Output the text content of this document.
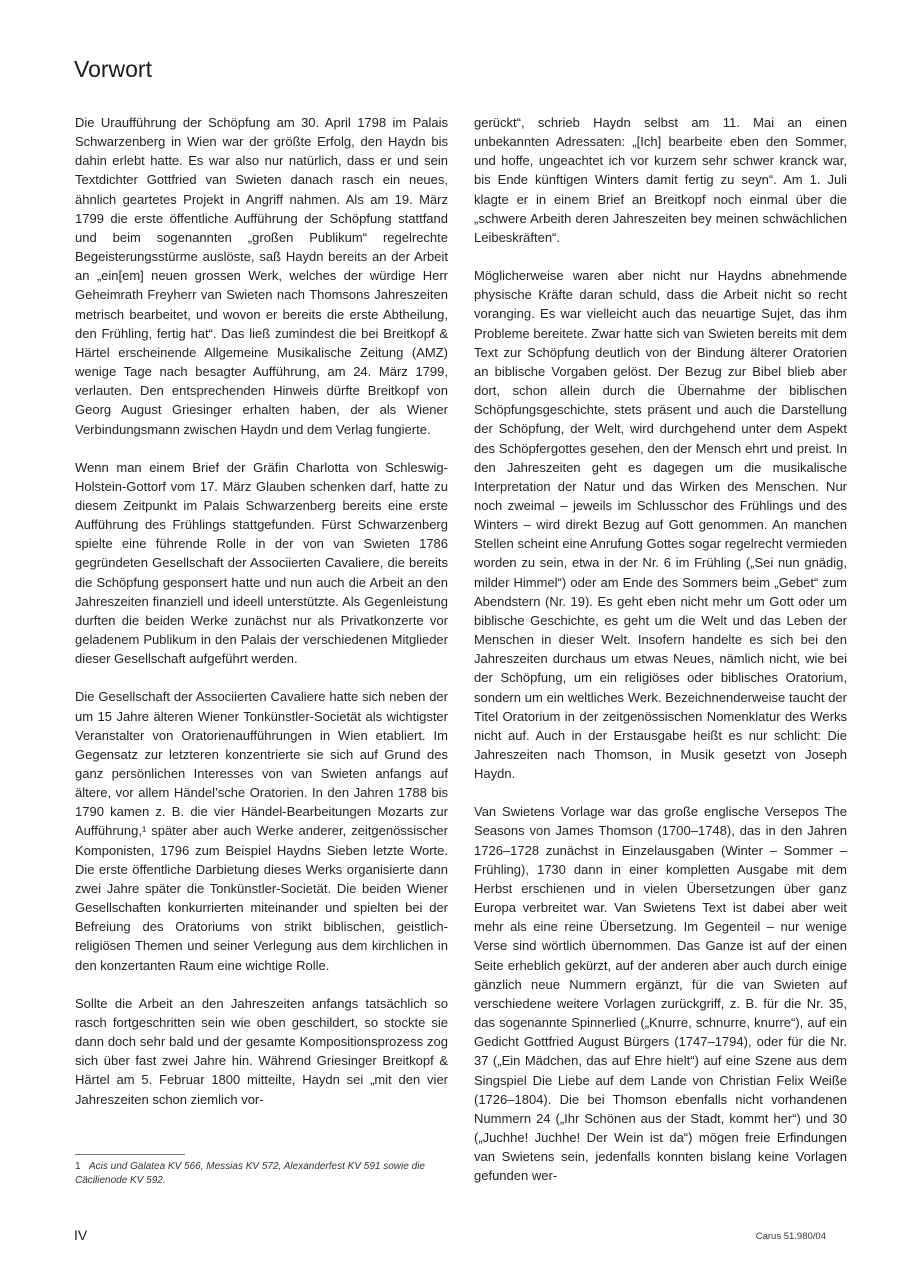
Vorwort

Die Uraufführung der Schöpfung am 30. April 1798 im Palais Schwarzenberg in Wien war der größte Erfolg, den Haydn bis dahin erlebt hatte. Es war also nur natürlich, dass er und sein Textdichter Gottfried van Swieten danach rasch ein neues, ähnlich geartetes Projekt in Angriff nahmen. Als am 19. März 1799 die erste öffentliche Aufführung der Schöpfung stattfand und beim sogenannten „großen Publikum“ regelrechte Begeisterungsstürme auslöste, saß Haydn bereits an der Arbeit an „ein[em] neuen grossen Werk, welches der würdige Herr Geheimrath Freyherr van Swieten nach Thomsons Jahreszeiten metrisch bearbeitet, und wovon er bereits die erste Abtheilung, den Frühling, fertig hat“. Das ließ zumindest die bei Breitkopf & Härtel erscheinende Allgemeine Musikalische Zeitung (AMZ) wenige Tage nach besagter Aufführung, am 24. März 1799, verlauten. Den entsprechenden Hinweis dürfte Breitkopf von Georg August Griesinger erhalten haben, der als Wiener Verbindungsmann zwischen Haydn und dem Verlag fungierte.

Wenn man einem Brief der Gräfin Charlotta von Schleswig-Holstein-Gottorf vom 17. März Glauben schenken darf, hatte zu diesem Zeitpunkt im Palais Schwarzenberg bereits eine erste Aufführung des Frühlings stattgefunden. Fürst Schwarzenberg spielte eine führende Rolle in der von van Swieten 1786 gegründeten Gesellschaft der Associierten Cavaliere, die bereits die Schöpfung gesponsert hatte und nun auch die Arbeit an den Jahreszeiten finanziell und ideell unterstützte. Als Gegenleistung durften die beiden Werke zunächst nur als Privatkonzerte vor geladenem Publikum in den Palais der verschiedenen Mitglieder dieser Gesellschaft aufgeführt werden.

Die Gesellschaft der Associierten Cavaliere hatte sich neben der um 15 Jahre älteren Wiener Tonkünstler-Societät als wichtigster Veranstalter von Oratorienaufführungen in Wien etabliert. Im Gegensatz zur letzteren konzentrierte sie sich auf Grund des ganz persönlichen Interesses von van Swieten anfangs auf ältere, vor allem Händel’sche Oratorien. In den Jahren 1788 bis 1790 kamen z. B. die vier Händel-Bearbeitungen Mozarts zur Aufführung,¹ später aber auch Werke anderer, zeitgenössischer Komponisten, 1796 zum Beispiel Haydns Sieben letzte Worte. Die erste öffentliche Darbietung dieses Werks organisierte dann zwei Jahre später die Tonkünstler-Societät. Die beiden Wiener Gesellschaften konkurrierten miteinander und spielten bei der Befreiung des Oratoriums von strikt biblischen, geistlich-religiösen Themen und seiner Verlegung aus dem kirchlichen in den konzertanten Raum eine wichtige Rolle.

Sollte die Arbeit an den Jahreszeiten anfangs tatsächlich so rasch fortgeschritten sein wie oben geschildert, so stockte sie dann doch sehr bald und der gesamte Kompositionsprozess zog sich über fast zwei Jahre hin. Während Griesinger Breitkopf & Härtel am 5. Februar 1800 mitteilte, Haydn sei „mit den vier Jahreszeiten schon ziemlich vor-

gerückt“, schrieb Haydn selbst am 11. Mai an einen unbekannten Adressaten: „[Ich] bearbeite eben den Sommer, und hoffe, ungeachtet ich vor kurzem sehr schwer kranck war, bis Ende künftigen Winters damit fertig zu seyn“. Am 1. Juli klagte er in einem Brief an Breitkopf noch einmal über die „schwere Arbeith deren Jahreszeiten bey meinen schwächlichen Leibeskräften“.

Möglicherweise waren aber nicht nur Haydns abnehmende physische Kräfte daran schuld, dass die Arbeit nicht so recht voranging. Es war vielleicht auch das neuartige Sujet, das ihm Probleme bereitete. Zwar hatte sich van Swieten bereits mit dem Text zur Schöpfung deutlich von der Bindung älterer Oratorien an biblische Vorgaben gelöst. Der Bezug zur Bibel blieb aber dort, schon allein durch die Übernahme der biblischen Schöpfungsgeschichte, stets präsent und auch die Darstellung der Schöpfung, der Welt, wird durchgehend unter dem Aspekt des Schöpfergottes gesehen, den der Mensch ehrt und preist. In den Jahreszeiten geht es dagegen um die musikalische Interpretation der Natur und das Wirken des Menschen. Nur noch zweimal – jeweils im Schlusschor des Frühlings und des Winters – wird direkt Bezug auf Gott genommen. An manchen Stellen scheint eine Anrufung Gottes sogar regelrecht vermieden worden zu sein, etwa in der Nr. 6 im Frühling („Sei nun gnädig, milder Himmel“) oder am Ende des Sommers beim „Gebet“ zum Abendstern (Nr. 19). Es geht eben nicht mehr um Gott oder um biblische Geschichte, es geht um die Welt und das Leben der Menschen in dieser Welt. Insofern handelte es sich bei den Jahreszeiten durchaus um etwas Neues, nämlich nicht, wie bei der Schöpfung, um ein religiöses oder biblisches Oratorium, sondern um ein weltliches Werk. Bezeichnenderweise taucht der Titel Oratorium in der zeitgenössischen Nomenklatur des Werks nicht auf. Auch in der Erstausgabe heißt es nur schlicht: Die Jahreszeiten nach Thomson, in Musik gesetzt von Joseph Haydn.

Van Swietens Vorlage war das große englische Versepos The Seasons von James Thomson (1700–1748), das in den Jahren 1726–1728 zunächst in Einzelausgaben (Winter – Sommer – Frühling), 1730 dann in einer kompletten Ausgabe mit dem Herbst erschienen und in vielen Übersetzungen über ganz Europa verbreitet war. Van Swietens Text ist dabei aber weit mehr als eine reine Übersetzung. Im Gegenteil – nur wenige Verse sind wörtlich übernommen. Das Ganze ist auf der einen Seite erheblich gekürzt, auf der anderen aber auch durch einige gänzlich neue Nummern ergänzt, für die van Swieten auf verschiedene weitere Vorlagen zurückgriff, z. B. für die Nr. 35, das sogenannte Spinnerlied („Knurre, schnurre, knurre“), auf ein Gedicht Gottfried August Bürgers (1747–1794), oder für die Nr. 37 („Ein Mädchen, das auf Ehre hielt“) auf eine Szene aus dem Singspiel Die Liebe auf dem Lande von Christian Felix Weiße (1726–1804). Die bei Thomson ebenfalls nicht vorhandenen Nummern 24 („Ihr Schönen aus der Stadt, kommt her“) und 30 („Juchhe! Juchhe! Der Wein ist da“) mögen freie Erfindungen van Swietens sein, jedenfalls konnten bislang keine Vorlagen gefunden wer-

1 Acis und Galatea KV 566, Messias KV 572, Alexanderfest KV 591 sowie die Cäcilienode KV 592.
IV	Carus 51.980/04
